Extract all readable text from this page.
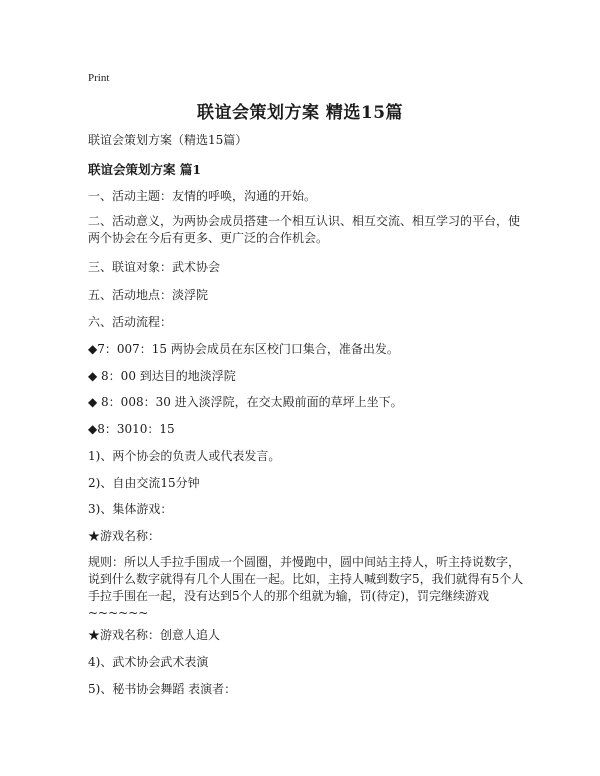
Print
联谊会策划方案 精选15篇
联谊会策划方案（精选15篇）
联谊会策划方案 篇1
一、活动主题：友情的呼唤，沟通的开始。
二、活动意义，为两协会成员搭建一个相互认识、相互交流、相互学习的平台，使两个协会在今后有更多、更广泛的合作机会。
三、联谊对象：武术协会
五、活动地点：淡浮院
六、活动流程：
◆7：007：15 两协会成员在东区校门口集合，准备出发。
◆ 8：00 到达目的地淡浮院
◆ 8：008：30 进入淡浮院，在交太殿前面的草坪上坐下。
◆8：3010：15
1)、两个协会的负责人或代表发言。
2)、自由交流15分钟
3)、集体游戏：
★游戏名称：
规则：所以人手拉手围成一个圆圈，并慢跑中，圆中间站主持人，听主持说数字，说到什么数字就得有几个人围在一起。比如，主持人喊到数字5，我们就得有5个人手拉手围在一起，没有达到5个人的那个组就为输，罚(待定)，罚完继续游戏 ~~~~~~
★游戏名称：创意人追人
4)、武术协会武术表演
5)、秘书协会舞蹈 表演者：
